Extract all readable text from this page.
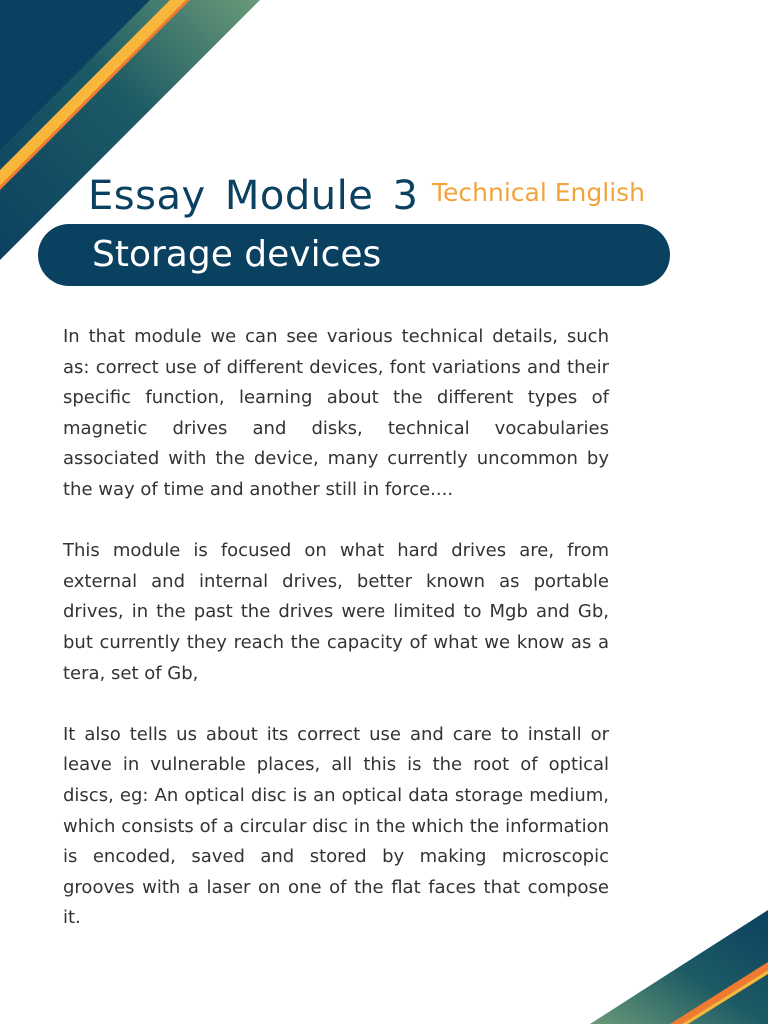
Essay Module 3 Technical English
Storage devices

In that module we can see various technical details, such as: correct use of different devices, font variations and their specific function, learning about the different types of magnetic drives and disks, technical vocabularies associated with the device, many currently uncommon by the way of time and another still in force....

This module is focused on what hard drives are, from external and internal drives, better known as portable drives, in the past the drives were limited to Mgb and Gb, but currently they reach the capacity of what we know as a tera, set of Gb,

It also tells us about its correct use and care to install or leave in vulnerable places, all this is the root of optical discs, eg: An optical disc is an optical data storage medium, which consists of a circular disc in the which the information is encoded, saved and stored by making microscopic grooves with a laser on one of the flat faces that compose it.
